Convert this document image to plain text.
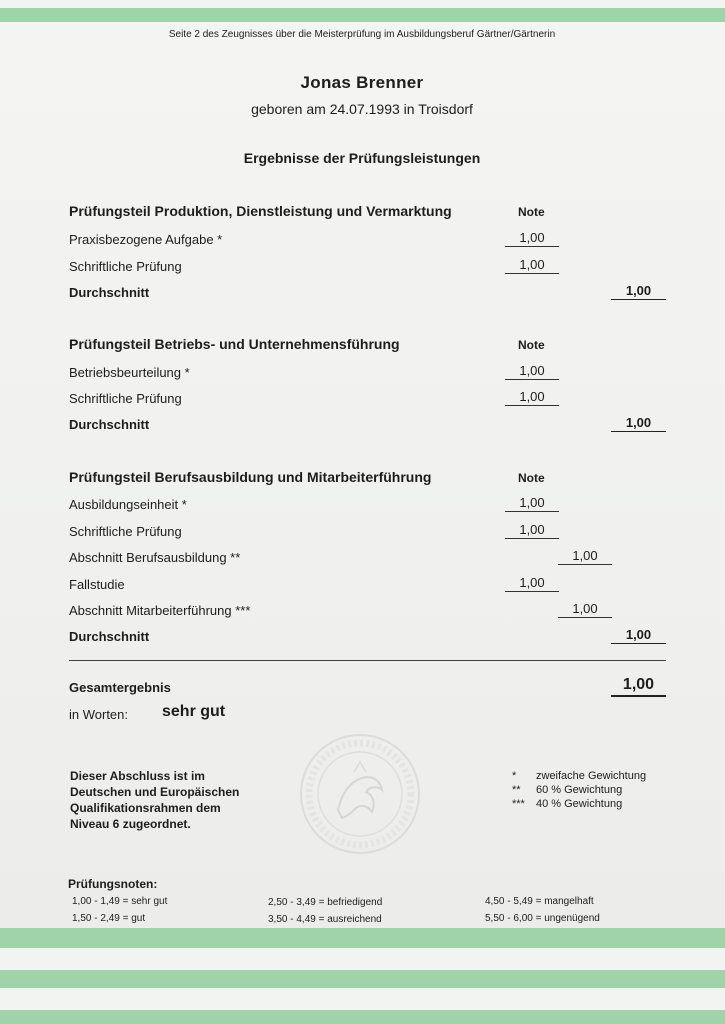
Seite 2 des Zeugnisses über die Meisterprüfung im Ausbildungsberuf Gärtner/Gärtnerin
Jonas Brenner
geboren am 24.07.1993 in Troisdorf
Ergebnisse der Prüfungsleistungen
Prüfungsteil Produktion, Dienstleistung und Vermarktung	Note
Praxisbezogene Aufgabe *	1,00
Schriftliche Prüfung	1,00
Durchschnitt	1,00
Prüfungsteil Betriebs- und Unternehmensführung	Note
Betriebsbeurteilung *	1,00
Schriftliche Prüfung	1,00
Durchschnitt	1,00
Prüfungsteil Berufsausbildung und Mitarbeiterführung	Note
Ausbildungseinheit *	1,00
Schriftliche Prüfung	1,00
Abschnitt Berufsausbildung **	1,00
Fallstudie	1,00
Abschnitt Mitarbeiterführung ***	1,00
Durchschnitt	1,00
Gesamtergebnis	1,00
in Worten: sehr gut
Dieser Abschluss ist im
Deutschen und Europäischen
Qualifikationsrahmen dem
Niveau 6 zugeordnet.
* zweifache Gewichtung
** 60 % Gewichtung
*** 40 % Gewichtung
Prüfungsnoten:
1,00 - 1,49 = sehr gut
1,50 - 2,49 = gut
2,50 - 3,49 = befriedigend
3,50 - 4,49 = ausreichend
4,50 - 5,49 = mangelhaft
5,50 - 6,00 = ungenügend
